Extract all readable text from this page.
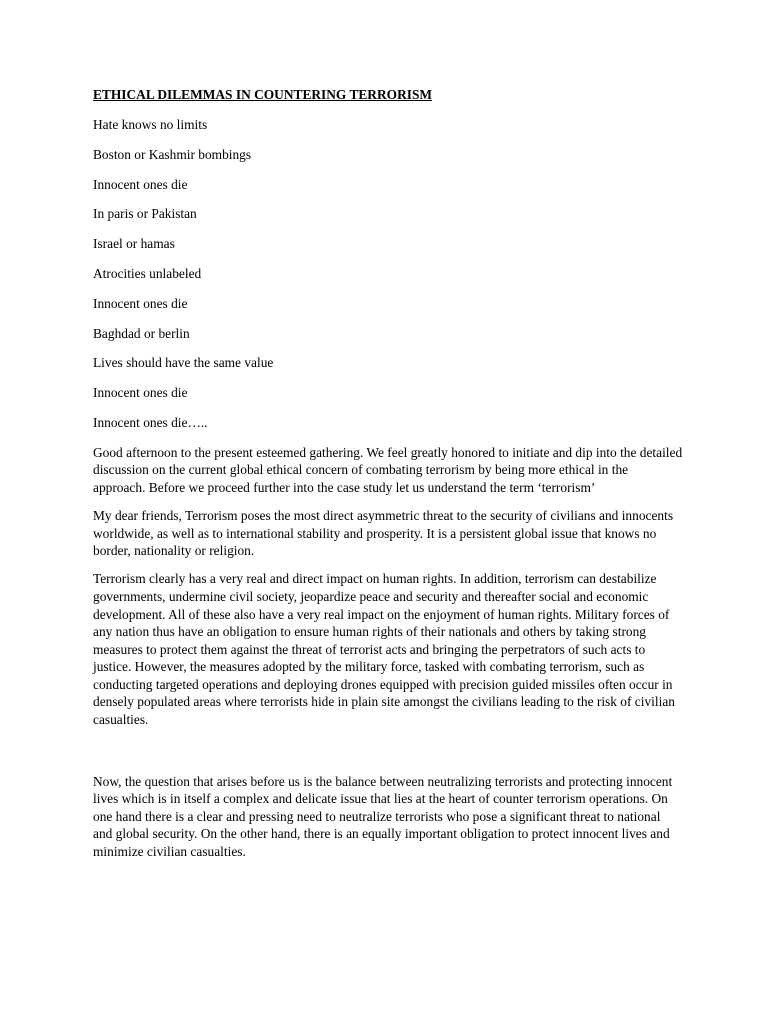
ETHICAL DILEMMAS IN COUNTERING TERRORISM
Hate knows no limits
Boston or Kashmir bombings
Innocent ones die
In paris or Pakistan
Israel or hamas
Atrocities unlabeled
Innocent ones die
Baghdad or berlin
Lives should have the same value
Innocent ones die
Innocent ones die…..

Good afternoon to the present esteemed gathering. We feel greatly honored to initiate and dip into the detailed discussion on the current global ethical concern of combating terrorism by being more ethical in the approach. Before we proceed further into the case study let us understand the term ‘terrorism’

My dear friends, Terrorism poses the most direct asymmetric threat to the security of civilians and innocents worldwide, as well as to international stability and prosperity. It is a persistent global issue that knows no border, nationality or religion.

Terrorism clearly has a very real and direct impact on human rights. In addition, terrorism can destabilize governments, undermine civil society, jeopardize peace and security and thereafter social and economic development. All of these also have a very real impact on the enjoyment of human rights. Military forces of any nation thus have an obligation to ensure human rights of their nationals and others by taking strong measures to protect them against the threat of terrorist acts and bringing the perpetrators of such acts to justice. However, the measures adopted by the military force, tasked with combating terrorism, such as conducting targeted operations and deploying drones equipped with precision guided missiles often occur in densely populated areas where terrorists hide in plain site amongst the civilians leading to the risk of civilian casualties.

Now, the question that arises before us is the balance between neutralizing terrorists and protecting innocent lives which is in itself a complex and delicate issue that lies at the heart of counter terrorism operations. On one hand there is a clear and pressing need to neutralize terrorists who pose a significant threat to national and global security. On the other hand, there is an equally important obligation to protect innocent lives and minimize civilian casualties.
